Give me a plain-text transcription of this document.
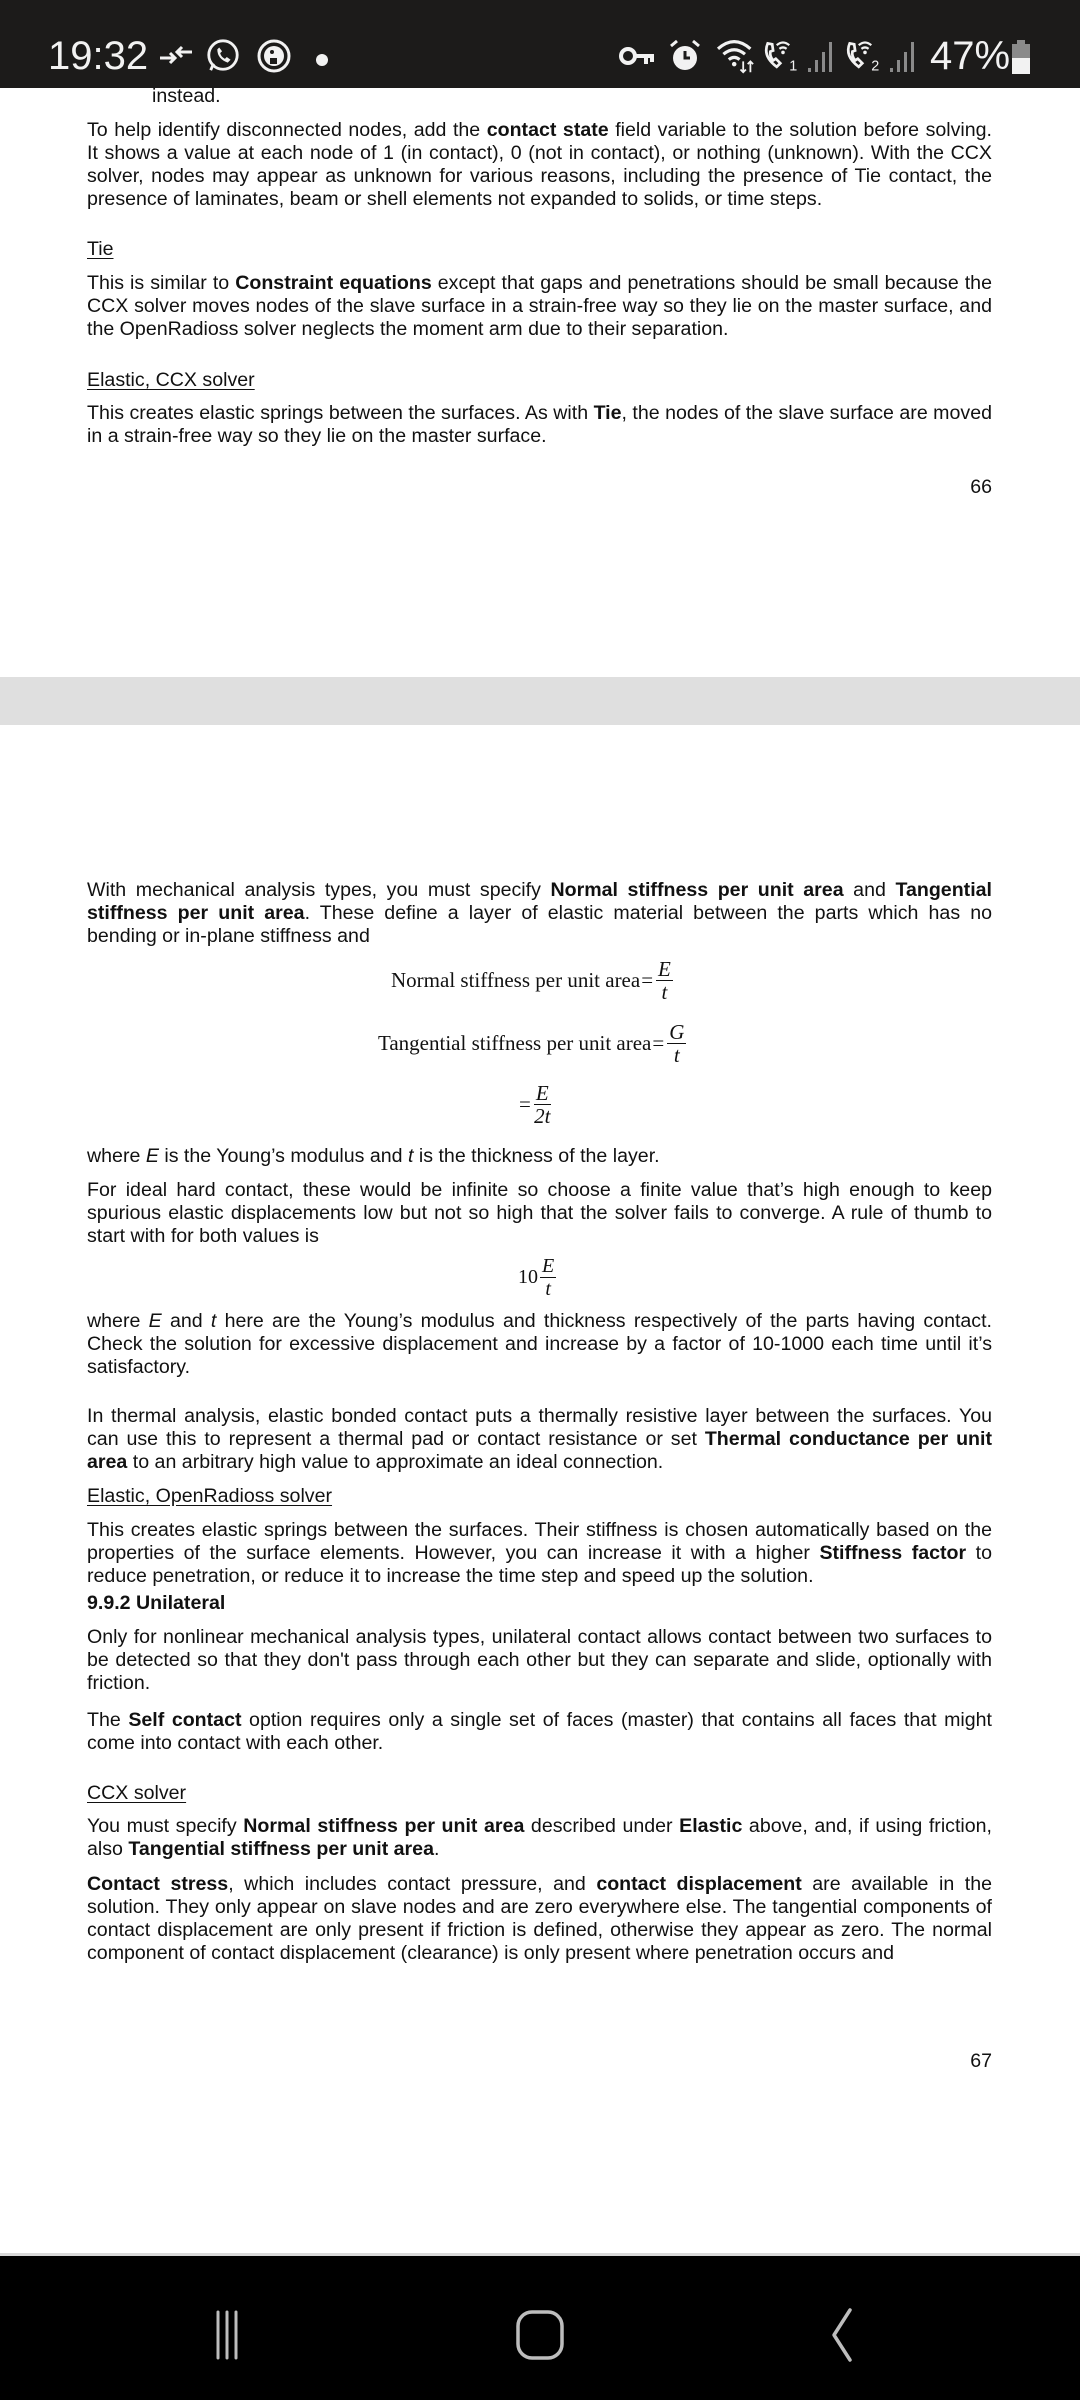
19:32	1	2 47%
instead.
To help identify disconnected nodes, add the contact state field variable to the solution before solving. It shows a value at each node of 1 (in contact), 0 (not in contact), or nothing (unknown). With the CCX solver, nodes may appear as unknown for various reasons, including the presence of Tie contact, the presence of laminates, beam or shell elements not expanded to solids, or time steps.
Tie
This is similar to Constraint equations except that gaps and penetrations should be small because the CCX solver moves nodes of the slave surface in a strain-free way so they lie on the master surface, and the OpenRadioss solver neglects the moment arm due to their separation.
Elastic, CCX solver
This creates elastic springs between the surfaces. As with Tie, the nodes of the slave surface are moved in a strain-free way so they lie on the master surface.
66
With mechanical analysis types, you must specify Normal stiffness per unit area and Tangential stiffness per unit area. These define a layer of elastic material between the parts which has no bending or in-plane stiffness and
Normal stiffness per unit area = $\frac{E}{t}$
Tangential stiffness per unit area = $\frac{G}{t}$
= $\frac{E}{2t}$
where E is the Young’s modulus and t is the thickness of the layer.
For ideal hard contact, these would be infinite so choose a finite value that’s high enough to keep spurious elastic displacements low but not so high that the solver fails to converge. A rule of thumb to start with for both values is
$10 \frac{E}{t}$
where E and t here are the Young’s modulus and thickness respectively of the parts having contact. Check the solution for excessive displacement and increase by a factor of 10-1000 each time until it’s satisfactory.
In thermal analysis, elastic bonded contact puts a thermally resistive layer between the surfaces. You can use this to represent a thermal pad or contact resistance or set Thermal conductance per unit area to an arbitrary high value to approximate an ideal connection.
Elastic, OpenRadioss solver
This creates elastic springs between the surfaces. Their stiffness is chosen automatically based on the properties of the surface elements. However, you can increase it with a higher Stiffness factor to reduce penetration, or reduce it to increase the time step and speed up the solution.
9.9.2 Unilateral
Only for nonlinear mechanical analysis types, unilateral contact allows contact between two surfaces to be detected so that they don't pass through each other but they can separate and slide, optionally with friction.
The Self contact option requires only a single set of faces (master) that contains all faces that might come into contact with each other.
CCX solver
You must specify Normal stiffness per unit area described under Elastic above, and, if using friction, also Tangential stiffness per unit area.
Contact stress, which includes contact pressure, and contact displacement are available in the solution. They only appear on slave nodes and are zero everywhere else. The tangential components of contact displacement are only present if friction is defined, otherwise they appear as zero. The normal component of contact displacement (clearance) is only present where penetration occurs and
67
